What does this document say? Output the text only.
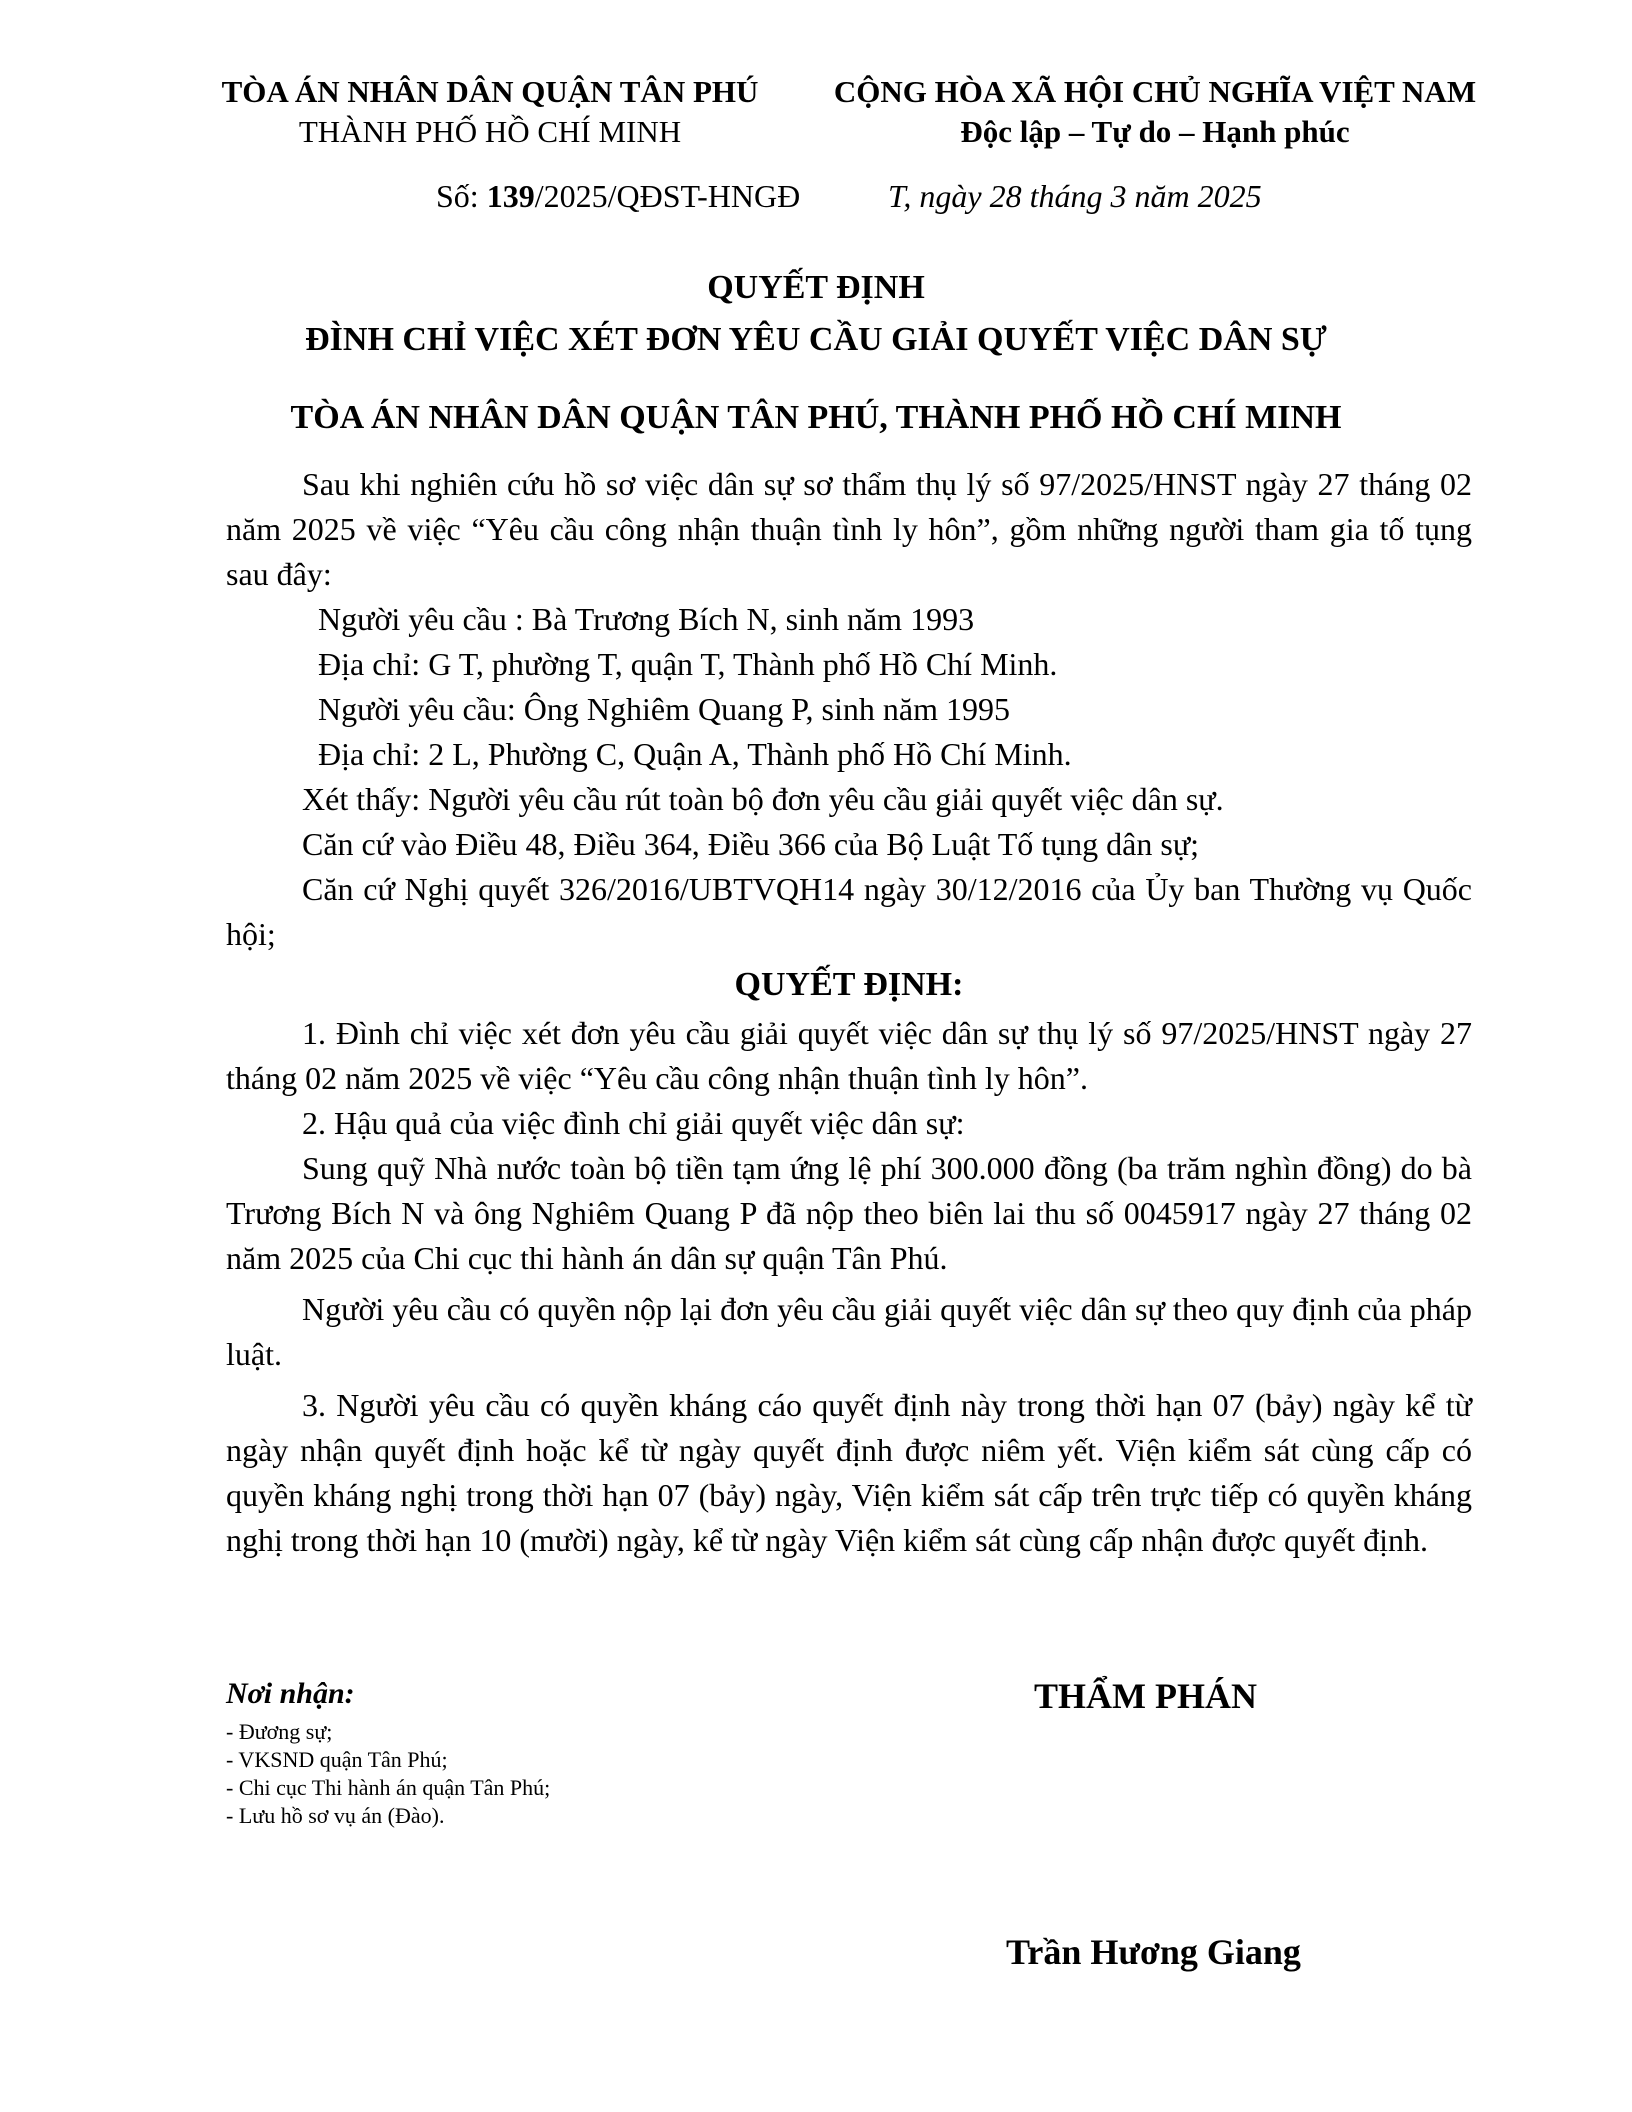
TÒA ÁN NHÂN DÂN QUẬN TÂN PHÚ
THÀNH PHỐ HỒ CHÍ MINH
CỘNG HÒA XÃ HỘI CHỦ NGHĨA VIỆT NAM
Độc lập – Tự do – Hạnh phúc
Số: 139/2025/QĐST-HNGĐ	T, ngày 28 tháng 3 năm 2025
QUYẾT ĐỊNH
ĐÌNH CHỈ VIỆC XÉT ĐƠN YÊU CẦU GIẢI QUYẾT VIỆC DÂN SỰ
TÒA ÁN NHÂN DÂN QUẬN TÂN PHÚ, THÀNH PHỐ HỒ CHÍ MINH

Sau khi nghiên cứu hồ sơ việc dân sự sơ thẩm thụ lý số 97/2025/HNST ngày 27 tháng 02 năm 2025 về việc “Yêu cầu công nhận thuận tình ly hôn”, gồm những người tham gia tố tụng sau đây:

Người yêu cầu : Bà Trương Bích N, sinh năm 1993

Địa chỉ: G T, phường T, quận T, Thành phố Hồ Chí Minh.

Người yêu cầu: Ông Nghiêm Quang P, sinh năm 1995

Địa chỉ: 2 L, Phường C, Quận A, Thành phố Hồ Chí Minh.

Xét thấy: Người yêu cầu rút toàn bộ đơn yêu cầu giải quyết việc dân sự.

Căn cứ vào Điều 48, Điều 364, Điều 366 của Bộ Luật Tố tụng dân sự;

Căn cứ Nghị quyết 326/2016/UBTVQH14 ngày 30/12/2016 của Ủy ban Thường vụ Quốc hội;

QUYẾT ĐỊNH:

1. Đình chỉ việc xét đơn yêu cầu giải quyết việc dân sự thụ lý số 97/2025/HNST ngày 27 tháng 02 năm 2025 về việc “Yêu cầu công nhận thuận tình ly hôn”.

2. Hậu quả của việc đình chỉ giải quyết việc dân sự:

Sung quỹ Nhà nước toàn bộ tiền tạm ứng lệ phí 300.000 đồng (ba trăm nghìn đồng) do bà Trương Bích N và ông Nghiêm Quang P đã nộp theo biên lai thu số 0045917 ngày 27 tháng 02 năm 2025 của Chi cục thi hành án dân sự quận Tân Phú.

Người yêu cầu có quyền nộp lại đơn yêu cầu giải quyết việc dân sự theo quy định của pháp luật.

3. Người yêu cầu có quyền kháng cáo quyết định này trong thời hạn 07 (bảy) ngày kể từ ngày nhận quyết định hoặc kể từ ngày quyết định được niêm yết. Viện kiểm sát cùng cấp có quyền kháng nghị trong thời hạn 07 (bảy) ngày, Viện kiểm sát cấp trên trực tiếp có quyền kháng nghị trong thời hạn 10 (mười) ngày, kể từ ngày Viện kiểm sát cùng cấp nhận được quyết định.

Nơi nhận:
- Đương sự;
- VKSND quận Tân Phú;
- Chi cục Thi hành án quận Tân Phú;
- Lưu hồ sơ vụ án (Đào).
THẨM PHÁN
Trần Hương Giang
